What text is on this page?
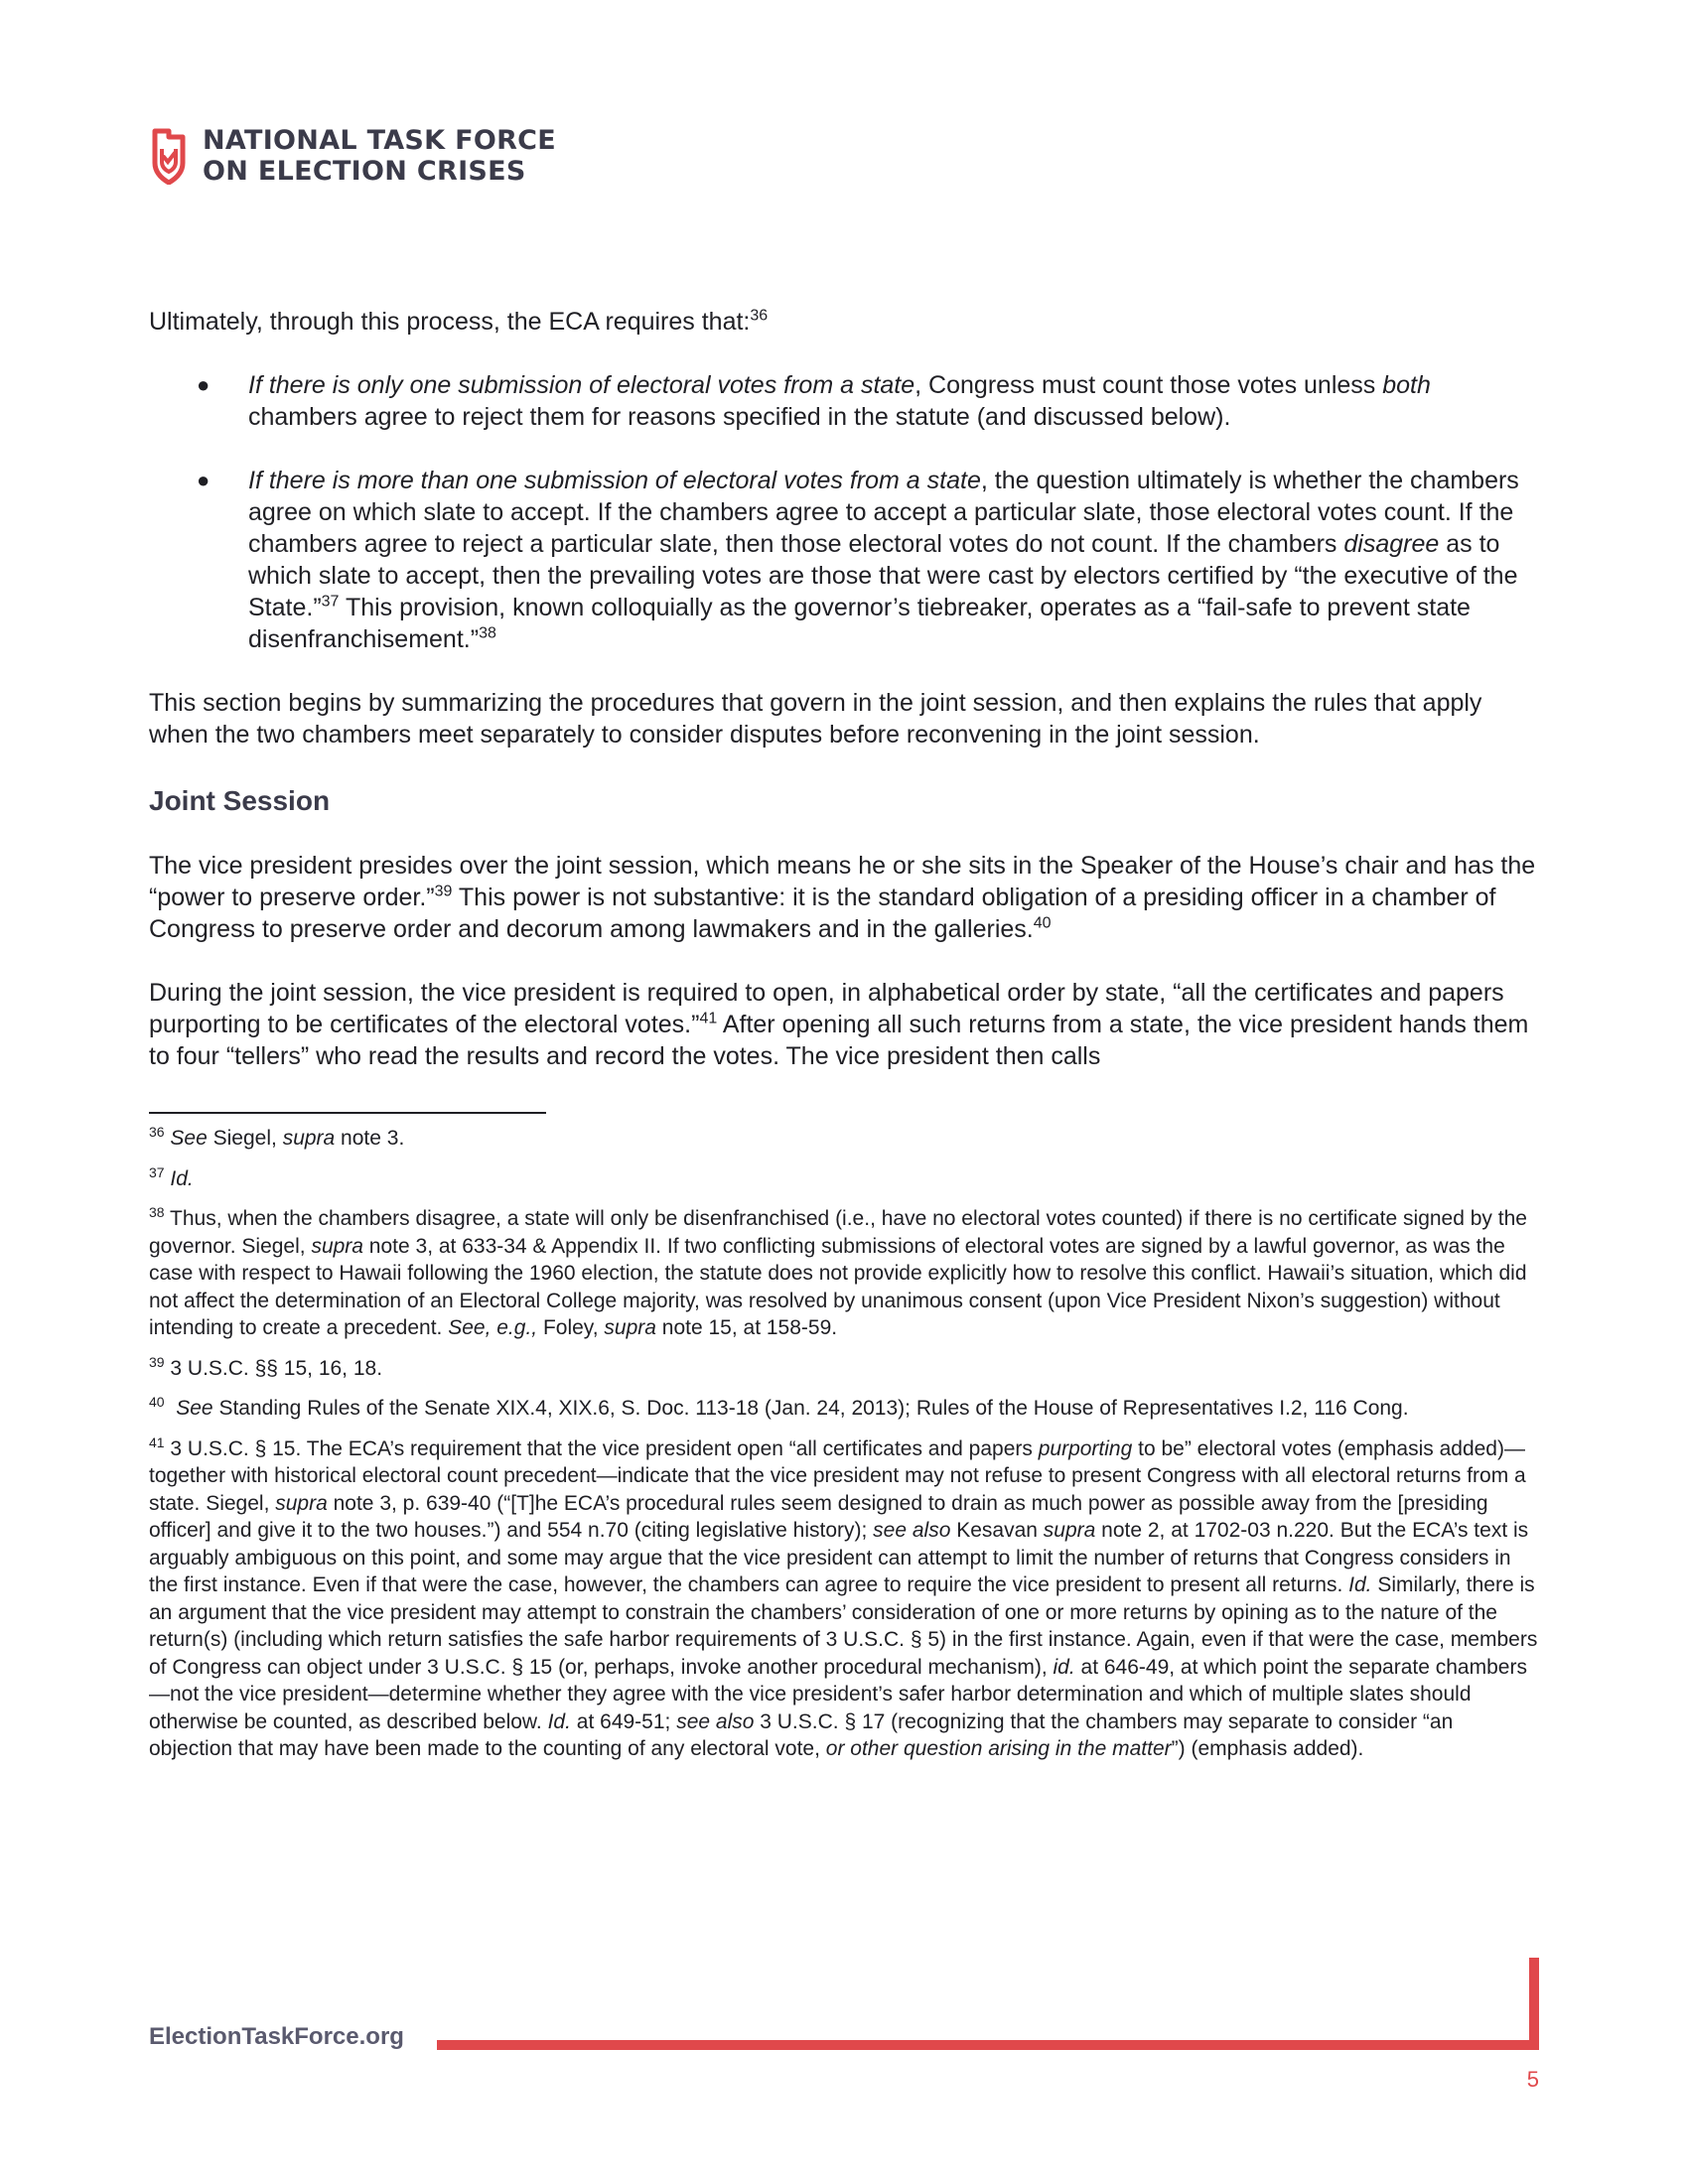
NATIONAL TASK FORCE
ON ELECTION CRISES

Ultimately, through this process, the ECA requires that:$^{36}$

● If there is only one submission of electoral votes from a state, Congress must count those votes unless both chambers agree to reject them for reasons specified in the statute (and discussed below).
● If there is more than one submission of electoral votes from a state, the question ultimately is whether the chambers agree on which slate to accept. If the chambers agree to accept a particular slate, those electoral votes count. If the chambers agree to reject a particular slate, then those electoral votes do not count. If the chambers disagree as to which slate to accept, then the prevailing votes are those that were cast by electors certified by “the executive of the State.”$^{37}$ This provision, known colloquially as the governor’s tiebreaker, operates as a “fail-safe to prevent state disenfranchisement.”$^{38}$

This section begins by summarizing the procedures that govern in the joint session, and then explains the rules that apply when the two chambers meet separately to consider disputes before reconvening in the joint session.

Joint Session

The vice president presides over the joint session, which means he or she sits in the Speaker of the House’s chair and has the “power to preserve order.”$^{39}$ This power is not substantive: it is the standard obligation of a presiding officer in a chamber of Congress to preserve order and decorum among lawmakers and in the galleries.$^{40}$

During the joint session, the vice president is required to open, in alphabetical order by state, “all the certificates and papers purporting to be certificates of the electoral votes.”$^{41}$ After opening all such returns from a state, the vice president hands them to four “tellers” who read the results and record the votes. The vice president then calls

$^{36}$ See Siegel, supra note 3.

$^{37}$ Id.

$^{38}$ Thus, when the chambers disagree, a state will only be disenfranchised (i.e., have no electoral votes counted) if there is no certificate signed by the governor. Siegel, supra note 3, at 633-34 & Appendix II. If two conflicting submissions of electoral votes are signed by a lawful governor, as was the case with respect to Hawaii following the 1960 election, the statute does not provide explicitly how to resolve this conflict. Hawaii’s situation, which did not affect the determination of an Electoral College majority, was resolved by unanimous consent (upon Vice President Nixon’s suggestion) without intending to create a precedent. See, e.g., Foley, supra note 15, at 158-59.

$^{39}$ 3 U.S.C. §§ 15, 16, 18.

$^{40}$ See Standing Rules of the Senate XIX.4, XIX.6, S. Doc. 113-18 (Jan. 24, 2013); Rules of the House of Representatives I.2, 116 Cong.

$^{41}$ 3 U.S.C. § 15. The ECA’s requirement that the vice president open “all certificates and papers purporting to be” electoral votes (emphasis added)—together with historical electoral count precedent—indicate that the vice president may not refuse to present Congress with all electoral returns from a state. Siegel, supra note 3, p. 639-40 (“[T]he ECA’s procedural rules seem designed to drain as much power as possible away from the [presiding officer] and give it to the two houses.”) and 554 n.70 (citing legislative history); see also Kesavan supra note 2, at 1702-03 n.220. But the ECA’s text is arguably ambiguous on this point, and some may argue that the vice president can attempt to limit the number of returns that Congress considers in the first instance. Even if that were the case, however, the chambers can agree to require the vice president to present all returns. Id. Similarly, there is an argument that the vice president may attempt to constrain the chambers’ consideration of one or more returns by opining as to the nature of the return(s) (including which return satisfies the safe harbor requirements of 3 U.S.C. § 5) in the first instance. Again, even if that were the case, members of Congress can object under 3 U.S.C. § 15 (or, perhaps, invoke another procedural mechanism), id. at 646-49, at which point the separate chambers—not the vice president—determine whether they agree with the vice president’s safer harbor determination and which of multiple slates should otherwise be counted, as described below. Id. at 649-51; see also 3 U.S.C. § 17 (recognizing that the chambers may separate to consider “an objection that may have been made to the counting of any electoral vote, or other question arising in the matter”) (emphasis added).

ElectionTaskForce.org
5
